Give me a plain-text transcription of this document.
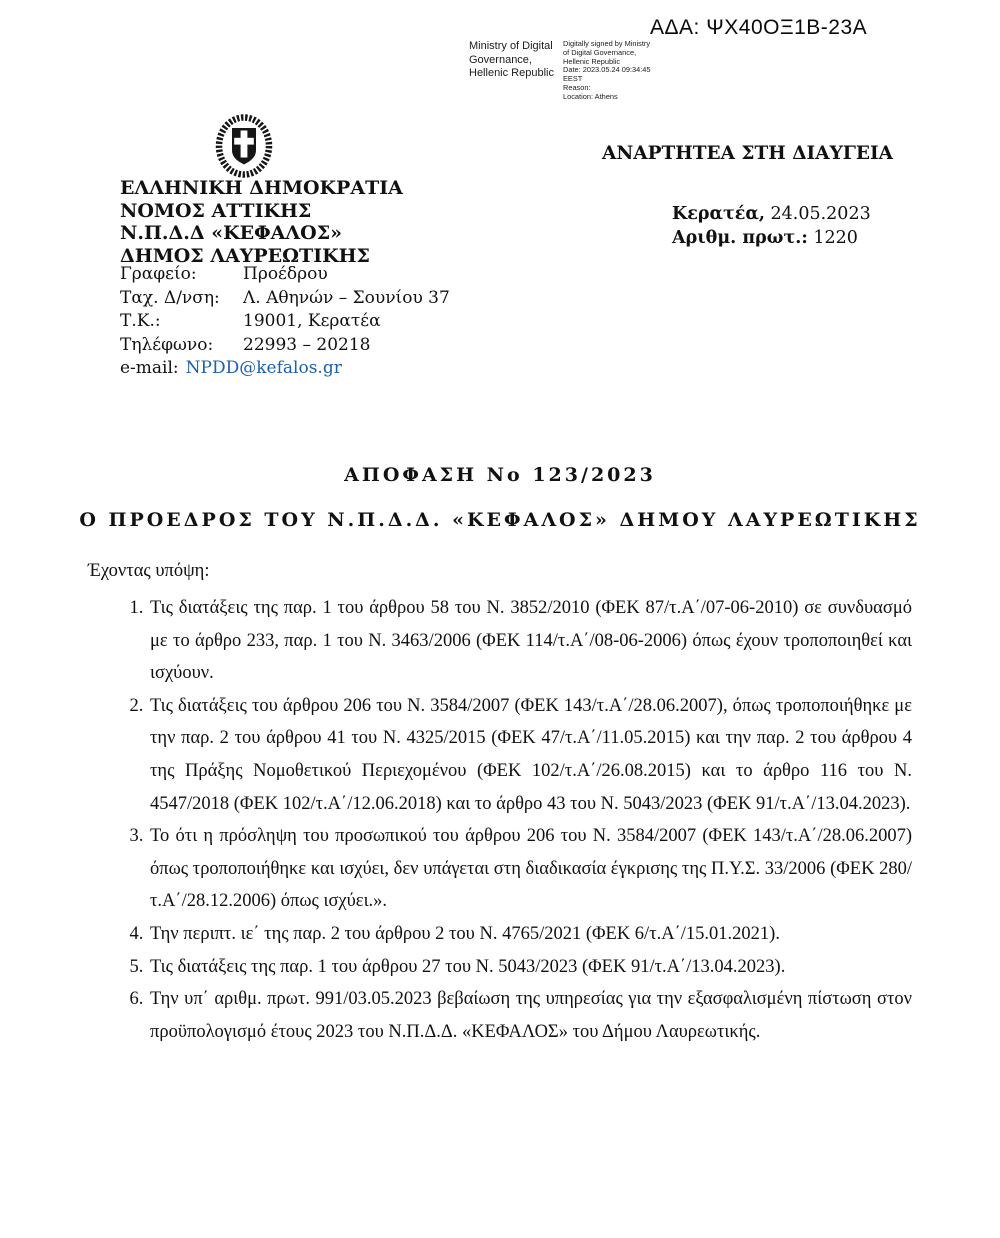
ΑΔΑ: ΨΧ40ΟΞ1Β-23Α
Ministry of Digital
Governance,
Hellenic Republic
Digitally signed by Ministry
of Digital Governance,
Hellenic Republic
Date: 2023.05.24 09:34:45
EEST
Reason:
Location: Athens
ΕΛΛΗΝΙΚΗ ΔΗΜΟΚΡΑΤΙΑ
ΝΟΜΟΣ ΑΤΤΙΚΗΣ
Ν.Π.Δ.Δ «ΚΕΦΑΛΟΣ»
ΔΗΜΟΣ ΛΑΥΡΕΩΤΙΚΗΣ
Γραφείο:	Προέδρου
Ταχ. Δ/νση:	Λ. Αθηνών – Σουνίου 37
Τ.Κ.:	19001, Κερατέα
Τηλέφωνο:	22993 – 20218
e-mail: NPDD@kefalos.gr
ΑΝΑΡΤΗΤΕΑ ΣΤΗ ΔΙΑΥΓΕΙΑ
Κερατέα, 24.05.2023
Αριθμ. πρωτ.: 1220
ΑΠΟΦΑΣΗ Νο 123/2023
Ο ΠΡΟΕΔΡΟΣ ΤΟΥ Ν.Π.Δ.Δ. «ΚΕΦΑΛΟΣ» ΔΗΜΟΥ ΛΑΥΡΕΩΤΙΚΗΣ
Έχοντας υπόψη:
1. Τις διατάξεις της παρ. 1 του άρθρου 58 του Ν. 3852/2010 (ΦΕΚ 87/τ.Α΄/07-06-2010) σε συνδυασμό με το άρθρο 233, παρ. 1 του Ν. 3463/2006 (ΦΕΚ 114/τ.Α΄/08-06-2006) όπως έχουν τροποποιηθεί και ισχύουν.
2. Τις διατάξεις του άρθρου 206 του Ν. 3584/2007 (ΦΕΚ 143/τ.Α΄/28.06.2007), όπως τροποποιήθηκε με την παρ. 2 του άρθρου 41 του Ν. 4325/2015 (ΦΕΚ 47/τ.Α΄/11.05.2015) και την παρ. 2 του άρθρου 4 της Πράξης Νομοθετικού Περιεχομένου (ΦΕΚ 102/τ.Α΄/26.08.2015) και το άρθρο 116 του Ν. 4547/2018 (ΦΕΚ 102/τ.Α΄/12.06.2018) και το άρθρο 43 του Ν. 5043/2023 (ΦΕΚ 91/τ.Α΄/13.04.2023).
3. Το ότι η πρόσληψη του προσωπικού του άρθρου 206 του Ν. 3584/2007 (ΦΕΚ 143/τ.Α΄/28.06.2007) όπως τροποποιήθηκε και ισχύει, δεν υπάγεται στη διαδικασία έγκρισης της Π.Υ.Σ. 33/2006 (ΦΕΚ 280/τ.Α΄/28.12.2006) όπως ισχύει.».
4. Την περιπτ. ιε΄ της παρ. 2 του άρθρου 2 του Ν. 4765/2021 (ΦΕΚ 6/τ.Α΄/15.01.2021).
5. Τις διατάξεις της παρ. 1 του άρθρου 27 του Ν. 5043/2023 (ΦΕΚ 91/τ.Α΄/13.04.2023).
6. Την υπ΄ αριθμ. πρωτ. 991/03.05.2023 βεβαίωση της υπηρεσίας για την εξασφαλισμένη πίστωση στον προϋπολογισμό έτους 2023 του Ν.Π.Δ.Δ. «ΚΕΦΑΛΟΣ» του Δήμου Λαυρεωτικής.
